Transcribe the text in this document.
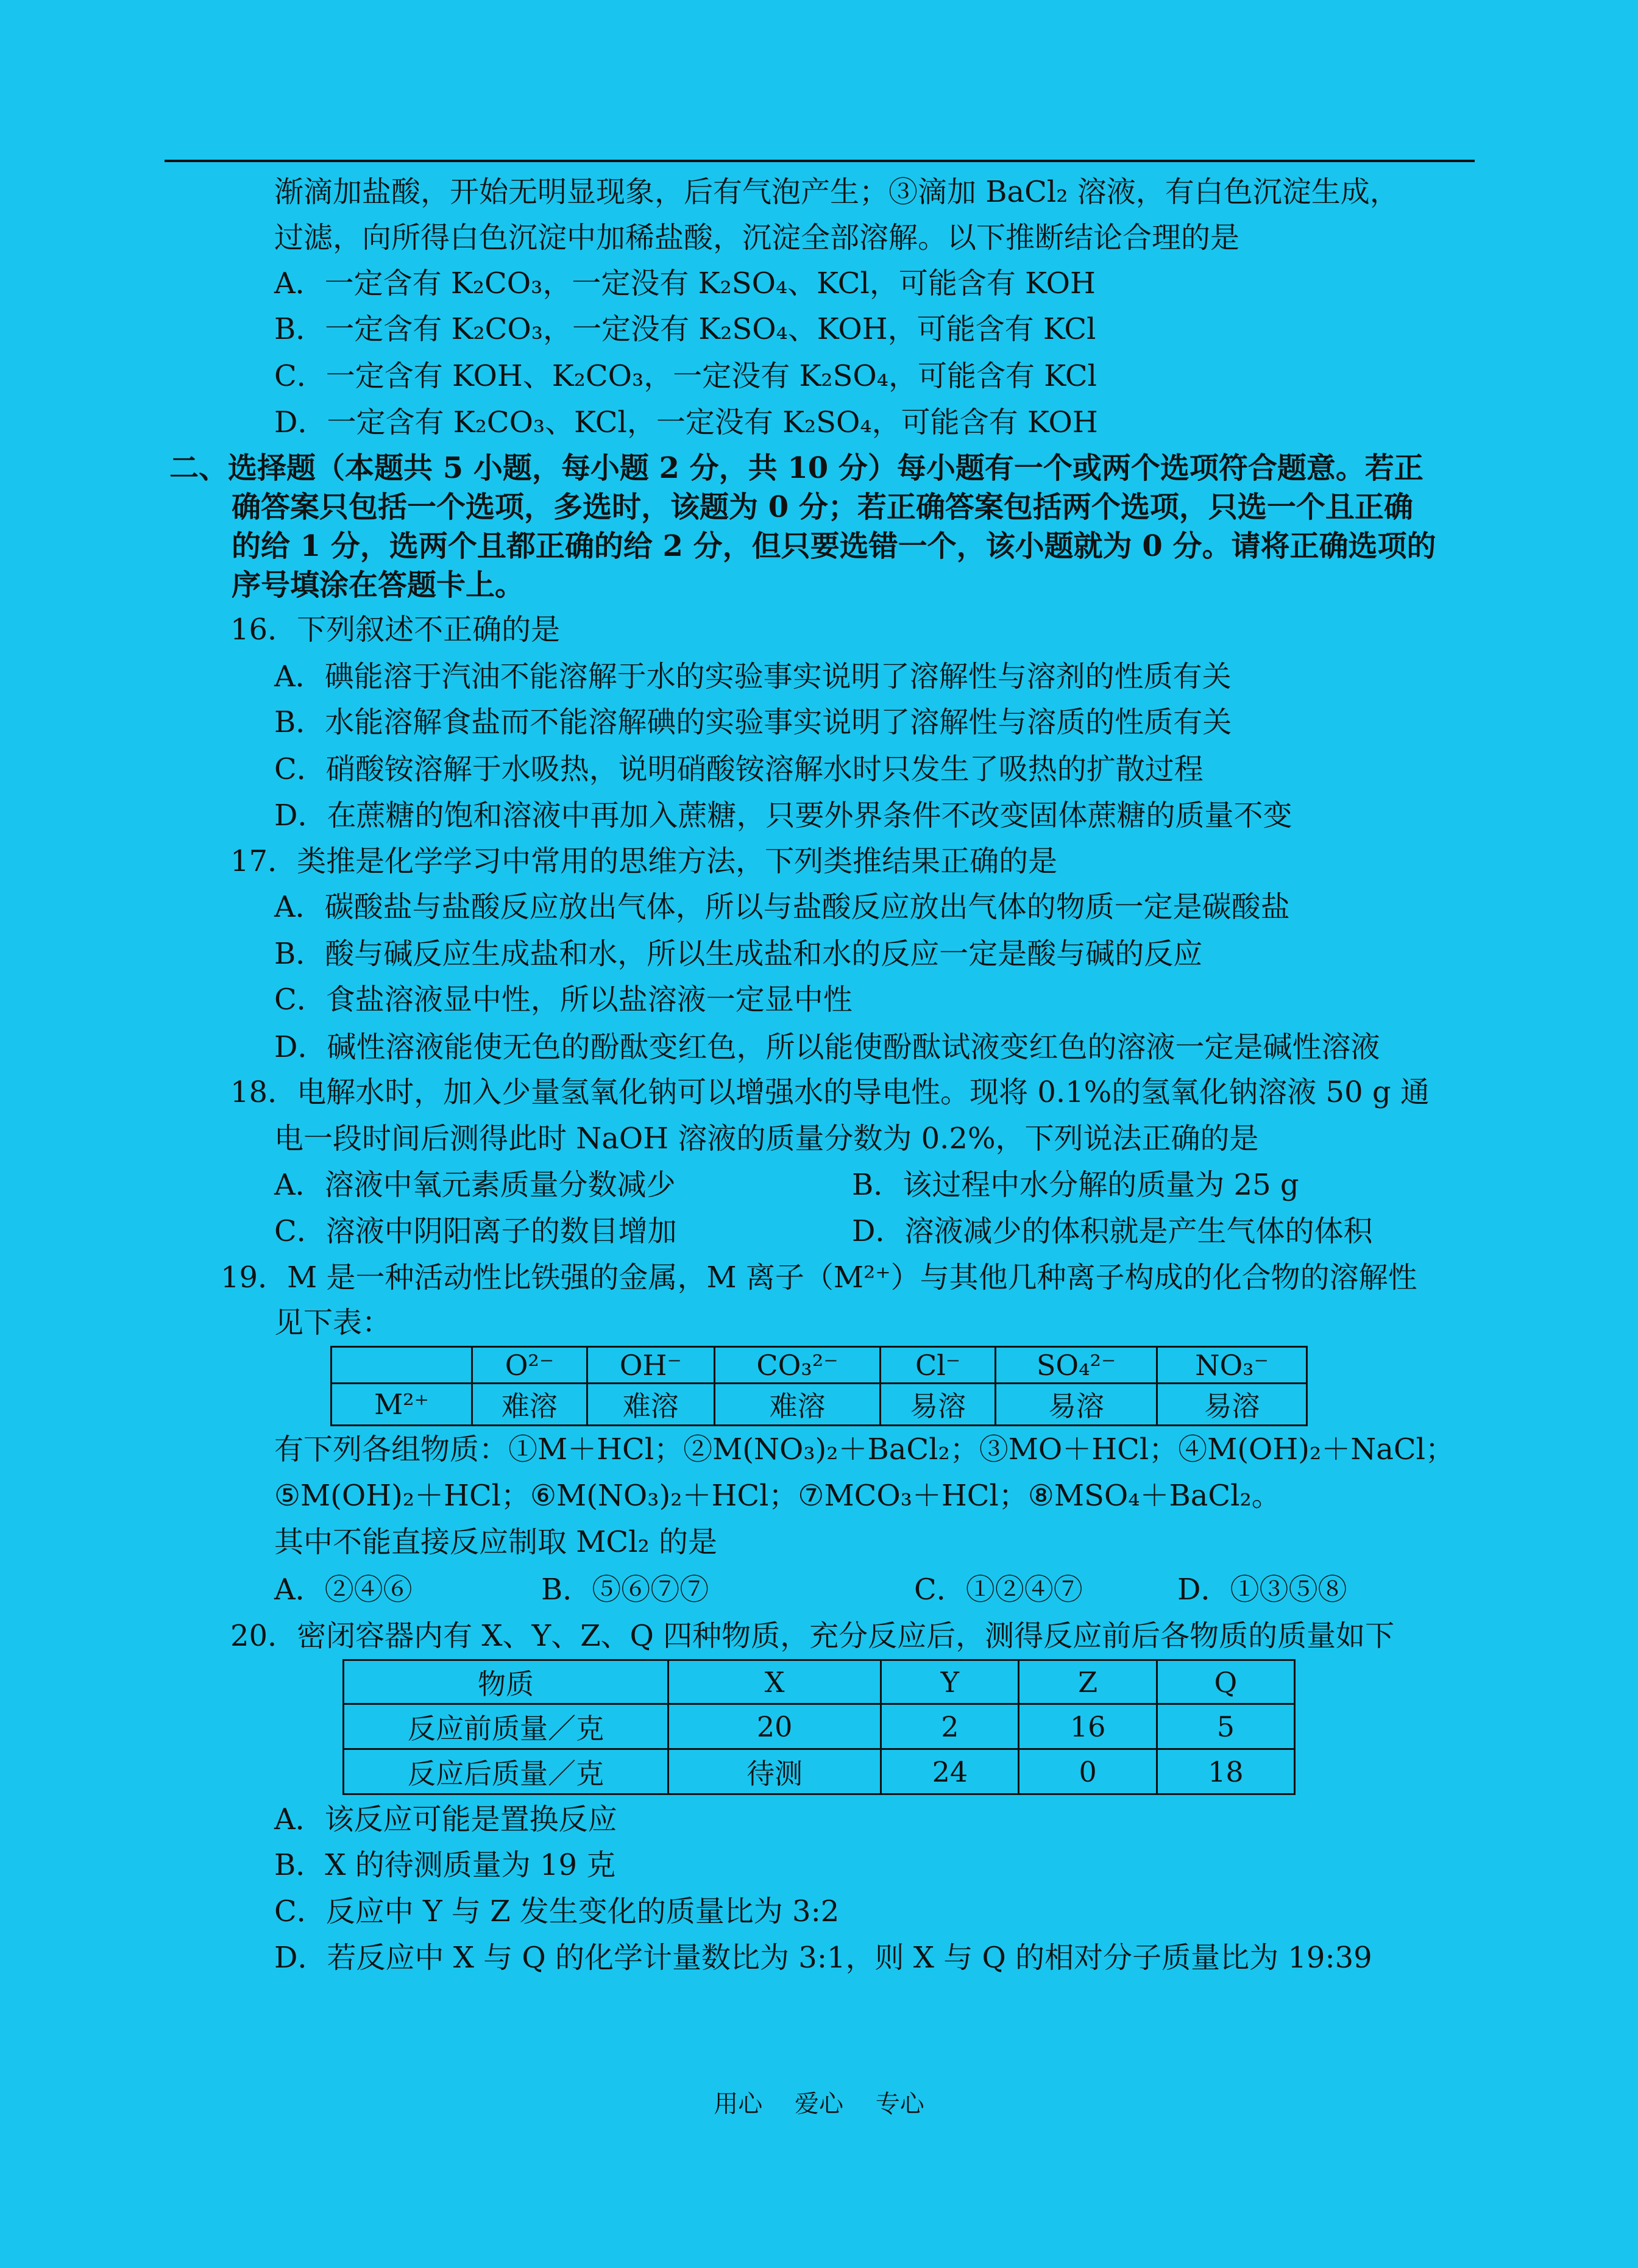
渐滴加盐酸，开始无明显现象，后有气泡产生；③滴加 BaCl₂ 溶液，有白色沉淀生成，
过滤，向所得白色沉淀中加稀盐酸，沉淀全部溶解。以下推断结论合理的是
A．一定含有 K₂CO₃，一定没有 K₂SO₄、KCl，可能含有 KOH
B．一定含有 K₂CO₃，一定没有 K₂SO₄、KOH，可能含有 KCl
C．一定含有 KOH、K₂CO₃，一定没有 K₂SO₄，可能含有 KCl
D．一定含有 K₂CO₃、KCl，一定没有 K₂SO₄，可能含有 KOH
二、选择题（本题共 5 小题，每小题 2 分，共 10 分）每小题有一个或两个选项符合题意。若正
确答案只包括一个选项，多选时，该题为 0 分；若正确答案包括两个选项，只选一个且正确
的给 1 分，选两个且都正确的给 2 分，但只要选错一个，该小题就为 0 分。请将正确选项的
序号填涂在答题卡上。
16．下列叙述不正确的是
A．碘能溶于汽油不能溶解于水的实验事实说明了溶解性与溶剂的性质有关
B．水能溶解食盐而不能溶解碘的实验事实说明了溶解性与溶质的性质有关
C．硝酸铵溶解于水吸热，说明硝酸铵溶解水时只发生了吸热的扩散过程
D．在蔗糖的饱和溶液中再加入蔗糖，只要外界条件不改变固体蔗糖的质量不变
17．类推是化学学习中常用的思维方法，下列类推结果正确的是
A．碳酸盐与盐酸反应放出气体，所以与盐酸反应放出气体的物质一定是碳酸盐
B．酸与碱反应生成盐和水，所以生成盐和水的反应一定是酸与碱的反应
C．食盐溶液显中性，所以盐溶液一定显中性
D．碱性溶液能使无色的酚酞变红色，所以能使酚酞试液变红色的溶液一定是碱性溶液
18．电解水时，加入少量氢氧化钠可以增强水的导电性。现将 0.1%的氢氧化钠溶液 50 g 通
电一段时间后测得此时 NaOH 溶液的质量分数为 0.2%，下列说法正确的是
A．溶液中氧元素质量分数减少	B．该过程中水分解的质量为 25 g
C．溶液中阴阳离子的数目增加	D．溶液减少的体积就是产生气体的体积
19．M 是一种活动性比铁强的金属，M 离子（M²⁺）与其他几种离子构成的化合物的溶解性
见下表：
	O²⁻	OH⁻	CO₃²⁻	Cl⁻	SO₄²⁻	NO₃⁻
M²⁺	难溶	难溶	难溶	易溶	易溶	易溶
有下列各组物质：①M＋HCl；②M(NO₃)₂＋BaCl₂；③MO＋HCl；④M(OH)₂＋NaCl；
⑤M(OH)₂＋HCl；⑥M(NO₃)₂＋HCl；⑦MCO₃＋HCl；⑧MSO₄＋BaCl₂。
其中不能直接反应制取 MCl₂ 的是
A．②④⑥	B．⑤⑥⑦⑦	C．①②④⑦	D．①③⑤⑧
20．密闭容器内有 X、Y、Z、Q 四种物质，充分反应后，测得反应前后各物质的质量如下
物质	X	Y	Z	Q
反应前质量／克	20	2	16	5
反应后质量／克	待测	24	0	18
A．该反应可能是置换反应
B．X 的待测质量为 19 克
C．反应中 Y 与 Z 发生变化的质量比为 3:2
D．若反应中 X 与 Q 的化学计量数比为 3:1，则 X 与 Q 的相对分子质量比为 19:39
用心 爱心 专心
